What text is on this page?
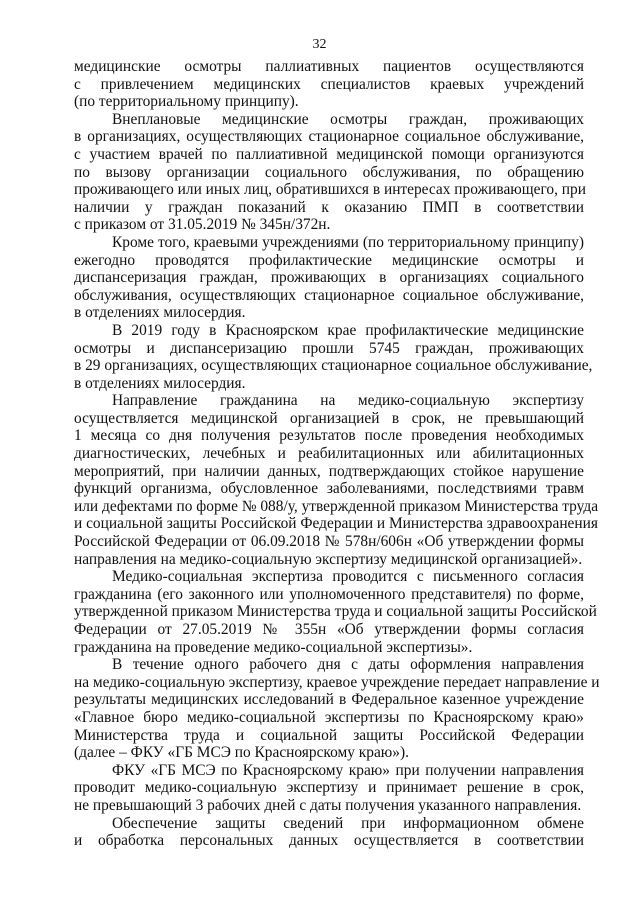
32
медицинские осмотры паллиативных пациентов осуществляются
с привлечением медицинских специалистов краевых учреждений
(по территориальному принципу).
Внеплановые медицинские осмотры граждан, проживающих
в организациях, осуществляющих стационарное социальное обслуживание,
с участием врачей по паллиативной медицинской помощи организуются
по вызову организации социального обслуживания, по обращению
проживающего или иных лиц, обратившихся в интересах проживающего, при
наличии у граждан показаний к оказанию ПМП в соответствии
с приказом от 31.05.2019 № 345н/372н.
Кроме того, краевыми учреждениями (по территориальному принципу)
ежегодно проводятся профилактические медицинские осмотры и
диспансеризация граждан, проживающих в организациях социального
обслуживания, осуществляющих стационарное социальное обслуживание,
в отделениях милосердия.
В 2019 году в Красноярском крае профилактические медицинские
осмотры и диспансеризацию прошли 5745 граждан, проживающих
в 29 организациях, осуществляющих стационарное социальное обслуживание,
в отделениях милосердия.
Направление гражданина на медико-социальную экспертизу
осуществляется медицинской организацией в срок, не превышающий
1 месяца со дня получения результатов после проведения необходимых
диагностических, лечебных и реабилитационных или абилитационных
мероприятий, при наличии данных, подтверждающих стойкое нарушение
функций организма, обусловленное заболеваниями, последствиями травм
или дефектами по форме № 088/у, утвержденной приказом Министерства труда
и социальной защиты Российской Федерации и Министерства здравоохранения
Российской Федерации от 06.09.2018 № 578н/606н «Об утверждении формы
направления на медико-социальную экспертизу медицинской организацией».
Медико-социальная экспертиза проводится с письменного согласия
гражданина (его законного или уполномоченного представителя) по форме,
утвержденной приказом Министерства труда и социальной защиты Российской
Федерации от 27.05.2019 № 355н «Об утверждении формы согласия
гражданина на проведение медико-социальной экспертизы».
В течение одного рабочего дня с даты оформления направления
на медико-социальную экспертизу, краевое учреждение передает направление и
результаты медицинских исследований в Федеральное казенное учреждение
«Главное бюро медико-социальной экспертизы по Красноярскому краю»
Министерства труда и социальной защиты Российской Федерации
(далее – ФКУ «ГБ МСЭ по Красноярскому краю»).
ФКУ «ГБ МСЭ по Красноярскому краю» при получении направления
проводит медико-социальную экспертизу и принимает решение в срок,
не превышающий 3 рабочих дней с даты получения указанного направления.
Обеспечение защиты сведений при информационном обмене
и обработка персональных данных осуществляется в соответствии
